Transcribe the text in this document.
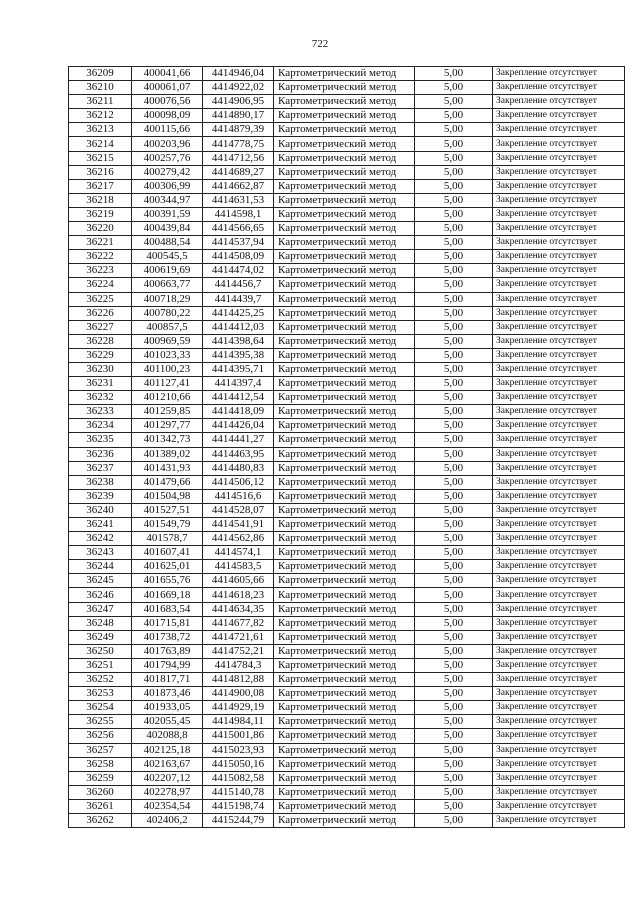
722
36209	400041,66	4414946,04	Картометрический метод	5,00	Закрепление отсутствует
36210	400061,07	4414922,02	Картометрический метод	5,00	Закрепление отсутствует
36211	400076,56	4414906,95	Картометрический метод	5,00	Закрепление отсутствует
36212	400098,09	4414890,17	Картометрический метод	5,00	Закрепление отсутствует
36213	400115,66	4414879,39	Картометрический метод	5,00	Закрепление отсутствует
36214	400203,96	4414778,75	Картометрический метод	5,00	Закрепление отсутствует
36215	400257,76	4414712,56	Картометрический метод	5,00	Закрепление отсутствует
36216	400279,42	4414689,27	Картометрический метод	5,00	Закрепление отсутствует
36217	400306,99	4414662,87	Картометрический метод	5,00	Закрепление отсутствует
36218	400344,97	4414631,53	Картометрический метод	5,00	Закрепление отсутствует
36219	400391,59	4414598,1	Картометрический метод	5,00	Закрепление отсутствует
36220	400439,84	4414566,65	Картометрический метод	5,00	Закрепление отсутствует
36221	400488,54	4414537,94	Картометрический метод	5,00	Закрепление отсутствует
36222	400545,5	4414508,09	Картометрический метод	5,00	Закрепление отсутствует
36223	400619,69	4414474,02	Картометрический метод	5,00	Закрепление отсутствует
36224	400663,77	4414456,7	Картометрический метод	5,00	Закрепление отсутствует
36225	400718,29	4414439,7	Картометрический метод	5,00	Закрепление отсутствует
36226	400780,22	4414425,25	Картометрический метод	5,00	Закрепление отсутствует
36227	400857,5	4414412,03	Картометрический метод	5,00	Закрепление отсутствует
36228	400969,59	4414398,64	Картометрический метод	5,00	Закрепление отсутствует
36229	401023,33	4414395,38	Картометрический метод	5,00	Закрепление отсутствует
36230	401100,23	4414395,71	Картометрический метод	5,00	Закрепление отсутствует
36231	401127,41	4414397,4	Картометрический метод	5,00	Закрепление отсутствует
36232	401210,66	4414412,54	Картометрический метод	5,00	Закрепление отсутствует
36233	401259,85	4414418,09	Картометрический метод	5,00	Закрепление отсутствует
36234	401297,77	4414426,04	Картометрический метод	5,00	Закрепление отсутствует
36235	401342,73	4414441,27	Картометрический метод	5,00	Закрепление отсутствует
36236	401389,02	4414463,95	Картометрический метод	5,00	Закрепление отсутствует
36237	401431,93	4414480,83	Картометрический метод	5,00	Закрепление отсутствует
36238	401479,66	4414506,12	Картометрический метод	5,00	Закрепление отсутствует
36239	401504,98	4414516,6	Картометрический метод	5,00	Закрепление отсутствует
36240	401527,51	4414528,07	Картометрический метод	5,00	Закрепление отсутствует
36241	401549,79	4414541,91	Картометрический метод	5,00	Закрепление отсутствует
36242	401578,7	4414562,86	Картометрический метод	5,00	Закрепление отсутствует
36243	401607,41	4414574,1	Картометрический метод	5,00	Закрепление отсутствует
36244	401625,01	4414583,5	Картометрический метод	5,00	Закрепление отсутствует
36245	401655,76	4414605,66	Картометрический метод	5,00	Закрепление отсутствует
36246	401669,18	4414618,23	Картометрический метод	5,00	Закрепление отсутствует
36247	401683,54	4414634,35	Картометрический метод	5,00	Закрепление отсутствует
36248	401715,81	4414677,82	Картометрический метод	5,00	Закрепление отсутствует
36249	401738,72	4414721,61	Картометрический метод	5,00	Закрепление отсутствует
36250	401763,89	4414752,21	Картометрический метод	5,00	Закрепление отсутствует
36251	401794,99	4414784,3	Картометрический метод	5,00	Закрепление отсутствует
36252	401817,71	4414812,88	Картометрический метод	5,00	Закрепление отсутствует
36253	401873,46	4414900,08	Картометрический метод	5,00	Закрепление отсутствует
36254	401933,05	4414929,19	Картометрический метод	5,00	Закрепление отсутствует
36255	402055,45	4414984,11	Картометрический метод	5,00	Закрепление отсутствует
36256	402088,8	4415001,86	Картометрический метод	5,00	Закрепление отсутствует
36257	402125,18	4415023,93	Картометрический метод	5,00	Закрепление отсутствует
36258	402163,67	4415050,16	Картометрический метод	5,00	Закрепление отсутствует
36259	402207,12	4415082,58	Картометрический метод	5,00	Закрепление отсутствует
36260	402278,97	4415140,78	Картометрический метод	5,00	Закрепление отсутствует
36261	402354,54	4415198,74	Картометрический метод	5,00	Закрепление отсутствует
36262	402406,2	4415244,79	Картометрический метод	5,00	Закрепление отсутствует
